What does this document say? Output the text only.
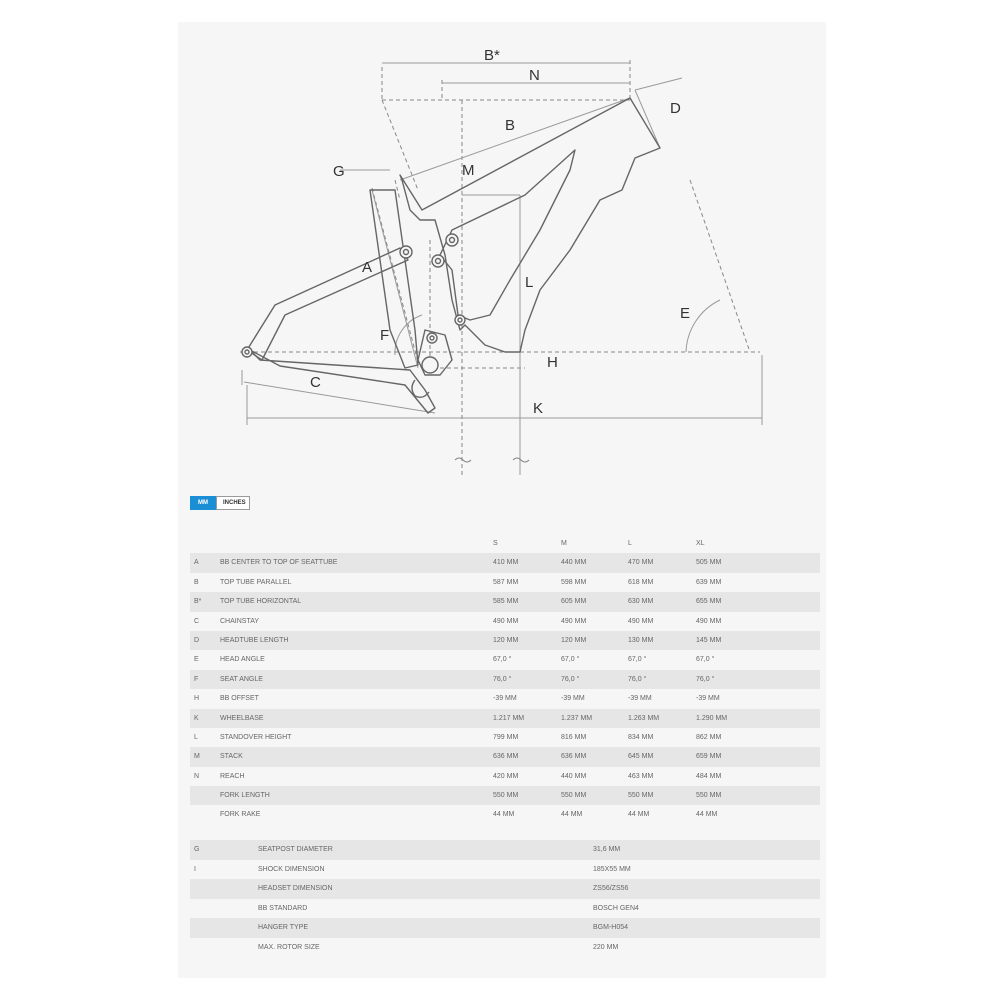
B*
N
D
B
G	M
A
L
E
F
H
C
K
MM	INCHES
S	M	L	XL
A	BB CENTER TO TOP OF SEATTUBE	410 MM	440 MM	470 MM	505 MM
B	TOP TUBE PARALLEL	587 MM	598 MM	618 MM	639 MM
B*	TOP TUBE HORIZONTAL	585 MM	605 MM	630 MM	655 MM
C	CHAINSTAY	490 MM	490 MM	490 MM	490 MM
D	HEADTUBE LENGTH	120 MM	120 MM	130 MM	145 MM
E	HEAD ANGLE	67,0 °	67,0 °	67,0 °	67,0 °
F	SEAT ANGLE	76,0 °	76,0 °	76,0 °	76,0 °
H	BB OFFSET	-39 MM	-39 MM	-39 MM	-39 MM
K	WHEELBASE	1.217 MM	1.237 MM	1.263 MM	1.290 MM
L	STANDOVER HEIGHT	799 MM	816 MM	834 MM	862 MM
M	STACK	636 MM	636 MM	645 MM	659 MM
N	REACH	420 MM	440 MM	463 MM	484 MM
FORK LENGTH	550 MM	550 MM	550 MM	550 MM
FORK RAKE	44 MM	44 MM	44 MM	44 MM
G	SEATPOST DIAMETER	31,6 MM
I	SHOCK DIMENSION	185X55 MM
HEADSET DIMENSION	ZS56/ZS56
BB STANDARD	BOSCH GEN4
HANGER TYPE	BGM-H054
MAX. ROTOR SIZE	220 MM
